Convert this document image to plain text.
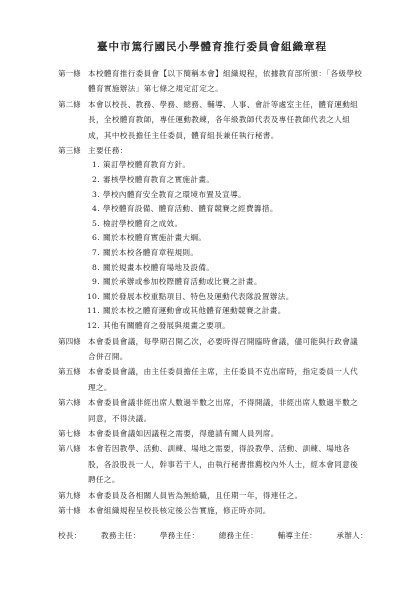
臺中市篤行國民小學體育推行委員會組織章程
第一條 本校體育推行委員會【以下簡稱本會】組織規程，依據教育部所頒：「各級學校體育實施辦法」第七條之規定訂定之。
第二條 本會以校長、教務、學務、總務、輔導、人事、會計等處室主任，體育運動組長，全校體育教師，專任運動教練，各年級教師代表及專任教師代表之人組成，其中校長擔任主任委員，體育組長兼任執行秘書。
第三條 主要任務：
1. 策訂學校體育教育方針。
2. 審核學校體育教育之實施計畫。
3. 學校內體育安全教育之環境布置及宣導。
4. 學校體育設備、體育活動、體育競賽之經費籌措。
5. 檢討學校體育之成效。
6. 關於本校體育實施計畫大綱。
7. 關於本校各體育章程規則。
8. 關於規畫本校體育場地及設備。
9. 關於承辦或參加校際體育活動或比賽之計畫。
10. 關於發展本校重點項目、特色及運動代表隊設置辦法。
11. 關於本校之體育運動會或其他體育運動競賽之計畫。
12. 其他有關體育之發展與規畫之要項。
第四條 本會委員會議，每學期召開乙次，必要時得召開臨時會議，儘可能與行政會議合併召開。
第五條 本會委員會議，由主任委員擔任主席，主任委員不克出席時，指定委員一人代理之。
第六條 本會委員會議非經出席人數過半數之出席，不得開議，非經出席人數過半數之同意，不得決議。
第七條 本會委員會議如因議程之需要，得邀請有關人員列席。
第八條 本會若因教學、活動、訓練、場地之需要，得設教學、活動、訓練、場地各股，各設股長一人，幹事若干人，由執行秘書推薦校內外人士，經本會同意後聘任之。
第九條 本會委員及各相關人員皆為無給職，且任期一年，得連任之。
第十條 本會組織規程呈校長核定後公告實施，修正時亦同。
校長：	教務主任：	學務主任：	總務主任：	輔導主任：	承辦人：
